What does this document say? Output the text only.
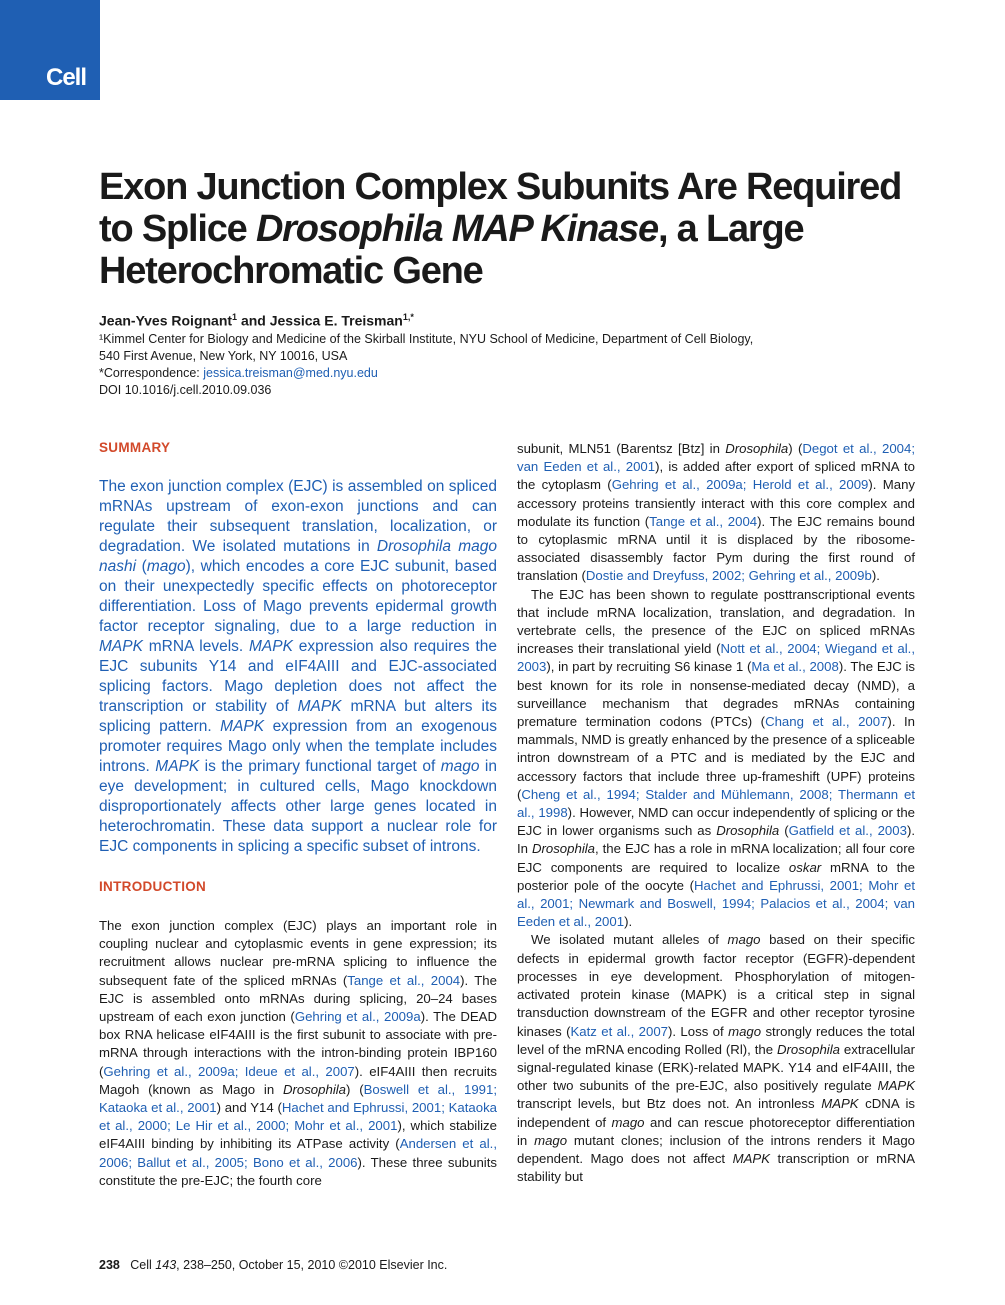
Cell
Exon Junction Complex Subunits Are Required to Splice Drosophila MAP Kinase, a Large Heterochromatic Gene
Jean-Yves Roignant$^1$ and Jessica E. Treisman$^{1,*}$
¹Kimmel Center for Biology and Medicine of the Skirball Institute, NYU School of Medicine, Department of Cell Biology,
540 First Avenue, New York, NY 10016, USA
*Correspondence: jessica.treisman@med.nyu.edu
DOI 10.1016/j.cell.2010.09.036
SUMMARY

The exon junction complex (EJC) is assembled on spliced mRNAs upstream of exon-exon junctions and can regulate their subsequent translation, localization, or degradation. We isolated mutations in Drosophila mago nashi (mago), which encodes a core EJC subunit, based on their unexpectedly specific effects on photoreceptor differentiation. Loss of Mago prevents epidermal growth factor receptor signaling, due to a large reduction in MAPK mRNA levels. MAPK expression also requires the EJC subunits Y14 and eIF4AIII and EJC-associated splicing factors. Mago depletion does not affect the transcription or stability of MAPK mRNA but alters its splicing pattern. MAPK expression from an exogenous promoter requires Mago only when the template includes introns. MAPK is the primary functional target of mago in eye development; in cultured cells, Mago knockdown disproportionately affects other large genes located in heterochromatin. These data support a nuclear role for EJC components in splicing a specific subset of introns.

INTRODUCTION

The exon junction complex (EJC) plays an important role in coupling nuclear and cytoplasmic events in gene expression; its recruitment allows nuclear pre-mRNA splicing to influence the subsequent fate of the spliced mRNAs (Tange et al., 2004). The EJC is assembled onto mRNAs during splicing, 20–24 bases upstream of each exon junction (Gehring et al., 2009a). The DEAD box RNA helicase eIF4AIII is the first subunit to associate with pre-mRNA through interactions with the intron-binding protein IBP160 (Gehring et al., 2009a; Ideue et al., 2007). eIF4AIII then recruits Magoh (known as Mago in Drosophila) (Boswell et al., 1991; Kataoka et al., 2001) and Y14 (Hachet and Ephrussi, 2001; Kataoka et al., 2000; Le Hir et al., 2000; Mohr et al., 2001), which stabilize eIF4AIII binding by inhibiting its ATPase activity (Andersen et al., 2006; Ballut et al., 2005; Bono et al., 2006). These three subunits constitute the pre-EJC; the fourth core

subunit, MLN51 (Barentsz [Btz] in Drosophila) (Degot et al., 2004; van Eeden et al., 2001), is added after export of spliced mRNA to the cytoplasm (Gehring et al., 2009a; Herold et al., 2009). Many accessory proteins transiently interact with this core complex and modulate its function (Tange et al., 2004). The EJC remains bound to cytoplasmic mRNA until it is displaced by the ribosome-associated disassembly factor Pym during the first round of translation (Dostie and Dreyfuss, 2002; Gehring et al., 2009b).

The EJC has been shown to regulate posttranscriptional events that include mRNA localization, translation, and degradation. In vertebrate cells, the presence of the EJC on spliced mRNAs increases their translational yield (Nott et al., 2004; Wiegand et al., 2003), in part by recruiting S6 kinase 1 (Ma et al., 2008). The EJC is best known for its role in nonsense-mediated decay (NMD), a surveillance mechanism that degrades mRNAs containing premature termination codons (PTCs) (Chang et al., 2007). In mammals, NMD is greatly enhanced by the presence of a spliceable intron downstream of a PTC and is mediated by the EJC and accessory factors that include three up-frameshift (UPF) proteins (Cheng et al., 1994; Stalder and Mühlemann, 2008; Thermann et al., 1998). However, NMD can occur independently of splicing or the EJC in lower organisms such as Drosophila (Gatfield et al., 2003). In Drosophila, the EJC has a role in mRNA localization; all four core EJC components are required to localize oskar mRNA to the posterior pole of the oocyte (Hachet and Ephrussi, 2001; Mohr et al., 2001; Newmark and Boswell, 1994; Palacios et al., 2004; van Eeden et al., 2001).

We isolated mutant alleles of mago based on their specific defects in epidermal growth factor receptor (EGFR)-dependent processes in eye development. Phosphorylation of mitogen-activated protein kinase (MAPK) is a critical step in signal transduction downstream of the EGFR and other receptor tyrosine kinases (Katz et al., 2007). Loss of mago strongly reduces the total level of the mRNA encoding Rolled (Rl), the Drosophila extracellular signal-regulated kinase (ERK)-related MAPK. Y14 and eIF4AIII, the other two subunits of the pre-EJC, also positively regulate MAPK transcript levels, but Btz does not. An intronless MAPK cDNA is independent of mago and can rescue photoreceptor differentiation in mago mutant clones; inclusion of the introns renders it Mago dependent. Mago does not affect MAPK transcription or mRNA stability but

238 Cell 143, 238–250, October 15, 2010 ©2010 Elsevier Inc.
